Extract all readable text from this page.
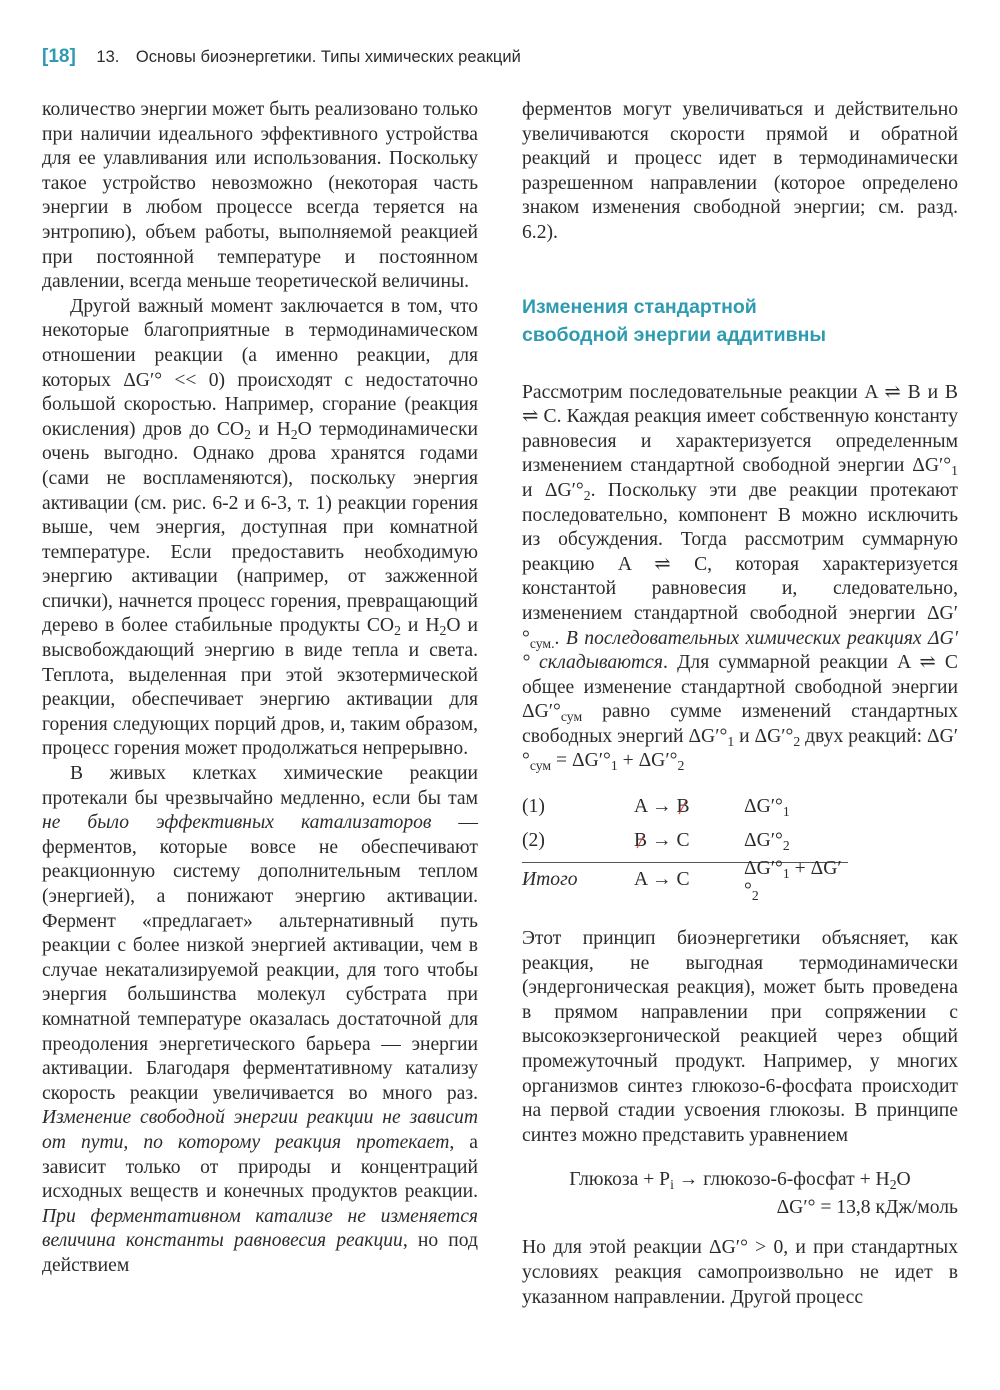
[18] 13. Основы биоэнергетики. Типы химических реакций

количество энергии может быть реализовано только при наличии идеального эффективного устройства для ее улавливания или использования. Поскольку такое устройство невозможно (некоторая часть энергии в любом процессе всегда теряется на энтропию), объем работы, выполняемой реакцией при постоянной температуре и постоянном давлении, всегда меньше теоретической величины.

Другой важный момент заключается в том, что некоторые благоприятные в термодинамическом отношении реакции (а именно реакции, для которых ΔG′° << 0) происходят с недостаточно большой скоростью. Например, сгорание (реакция окисления) дров до $CO_2$ и $H_2O$ термодинамически очень выгодно. Однако дрова хранятся годами (сами не воспламеняются), поскольку энергия активации (см. рис. 6-2 и 6-3, т. 1) реакции горения выше, чем энергия, доступная при комнатной температуре. Если предоставить необходимую энергию активации (например, от зажженной спички), начнется процесс горения, превращающий дерево в более стабильные продукты $CO_2$ и $H_2O$ и высвобождающий энергию в виде тепла и света. Теплота, выделенная при этой экзотермической реакции, обеспечивает энергию активации для горения следующих порций дров, и, таким образом, процесс горения может продолжаться непрерывно.

В живых клетках химические реакции протекали бы чрезвычайно медленно, если бы там не было эффективных катализаторов — ферментов, которые вовсе не обеспечивают реакционную систему дополнительным теплом (энергией), а понижают энергию активации. Фермент «предлагает» альтернативный путь реакции с более низкой энергией активации, чем в случае некатализируемой реакции, для того чтобы энергия большинства молекул субстрата при комнатной температуре оказалась достаточной для преодоления энергетического барьера — энергии активации. Благодаря ферментативному катализу скорость реакции увеличивается во много раз. Изменение свободной энергии реакции не зависит от пути, по которому реакция протекает, а зависит только от природы и концентраций исходных веществ и конечных продуктов реакции. При ферментативном катализе не изменяется величина константы равновесия реакции, но под действием

ферментов могут увеличиваться и действительно увеличиваются скорости прямой и обратной реакций и процесс идет в термодинамически разрешенном направлении (которое определено знаком изменения свободной энергии; см. разд. 6.2).

Изменения стандартной
свободной энергии аддитивны

Рассмотрим последовательные реакции A ⇌ B и B ⇌ C. Каждая реакция имеет собственную константу равновесия и характеризуется определенным изменением стандартной свободной энергии $\Delta G'^\circ_1$ и $\Delta G'^\circ_2$. Поскольку эти две реакции протекают последовательно, компонент B можно исключить из обсуждения. Тогда рассмотрим суммарную реакцию A ⇌ C, которая характеризуется константой равновесия и, следовательно, изменением стандартной свободной энергии $\Delta G'^\circ_{сум.}$. В последовательных химических реакциях ΔG′° складываются. Для суммарной реакции A ⇌ C общее изменение стандартной свободной энергии $\Delta G'^\circ_{сум}$ равно сумме изменений стандартных свободных энергий $\Delta G'^\circ_1$ и $\Delta G'^\circ_2$ двух реакций: $\Delta G'^\circ_{сум} = \Delta G'^\circ_1 + \Delta G'^\circ_2$

(1)	A → B	$\Delta G'^\circ_1$
(2)	B → C	$\Delta G'^\circ_2$
Итого	A → C
$\Delta G'^\circ_1 + \Delta G'^\circ_2$

Этот принцип биоэнергетики объясняет, как реакция, не выгодная термодинамически (эндергоническая реакция), может быть проведена в прямом направлении при сопряжении с высокоэкзергонической реакцией через общий промежуточный продукт. Например, у многих организмов синтез глюкозо-6-фосфата происходит на первой стадии усвоения глюкозы. В принципе синтез можно представить уравнением

Глюкоза + $P_i$ → глюкозо-6-фосфат + $H_2O$
ΔG′° = 13,8 кДж/моль

Но для этой реакции ΔG′° > 0, и при стандартных условиях реакция самопроизвольно не идет в указанном направлении. Другой процесс
